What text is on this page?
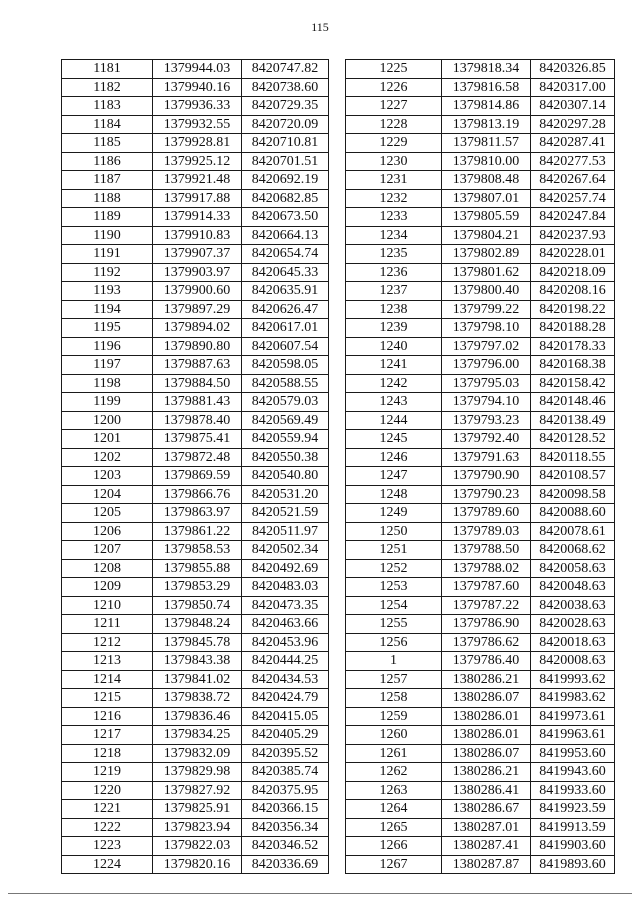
115
1181	1379944.03	8420747.82
1182	1379940.16	8420738.60
1183	1379936.33	8420729.35
1184	1379932.55	8420720.09
1185	1379928.81	8420710.81
1186	1379925.12	8420701.51
1187	1379921.48	8420692.19
1188	1379917.88	8420682.85
1189	1379914.33	8420673.50
1190	1379910.83	8420664.13
1191	1379907.37	8420654.74
1192	1379903.97	8420645.33
1193	1379900.60	8420635.91
1194	1379897.29	8420626.47
1195	1379894.02	8420617.01
1196	1379890.80	8420607.54
1197	1379887.63	8420598.05
1198	1379884.50	8420588.55
1199	1379881.43	8420579.03
1200	1379878.40	8420569.49
1201	1379875.41	8420559.94
1202	1379872.48	8420550.38
1203	1379869.59	8420540.80
1204	1379866.76	8420531.20
1205	1379863.97	8420521.59
1206	1379861.22	8420511.97
1207	1379858.53	8420502.34
1208	1379855.88	8420492.69
1209	1379853.29	8420483.03
1210	1379850.74	8420473.35
1211	1379848.24	8420463.66
1212	1379845.78	8420453.96
1213	1379843.38	8420444.25
1214	1379841.02	8420434.53
1215	1379838.72	8420424.79
1216	1379836.46	8420415.05
1217	1379834.25	8420405.29
1218	1379832.09	8420395.52
1219	1379829.98	8420385.74
1220	1379827.92	8420375.95
1221	1379825.91	8420366.15
1222	1379823.94	8420356.34
1223	1379822.03	8420346.52
1224	1379820.16	8420336.69
1225	1379818.34	8420326.85
1226	1379816.58	8420317.00
1227	1379814.86	8420307.14
1228	1379813.19	8420297.28
1229	1379811.57	8420287.41
1230	1379810.00	8420277.53
1231	1379808.48	8420267.64
1232	1379807.01	8420257.74
1233	1379805.59	8420247.84
1234	1379804.21	8420237.93
1235	1379802.89	8420228.01
1236	1379801.62	8420218.09
1237	1379800.40	8420208.16
1238	1379799.22	8420198.22
1239	1379798.10	8420188.28
1240	1379797.02	8420178.33
1241	1379796.00	8420168.38
1242	1379795.03	8420158.42
1243	1379794.10	8420148.46
1244	1379793.23	8420138.49
1245	1379792.40	8420128.52
1246	1379791.63	8420118.55
1247	1379790.90	8420108.57
1248	1379790.23	8420098.58
1249	1379789.60	8420088.60
1250	1379789.03	8420078.61
1251	1379788.50	8420068.62
1252	1379788.02	8420058.63
1253	1379787.60	8420048.63
1254	1379787.22	8420038.63
1255	1379786.90	8420028.63
1256	1379786.62	8420018.63
1	1379786.40	8420008.63
1257	1380286.21	8419993.62
1258	1380286.07	8419983.62
1259	1380286.01	8419973.61
1260	1380286.01	8419963.61
1261	1380286.07	8419953.60
1262	1380286.21	8419943.60
1263	1380286.41	8419933.60
1264	1380286.67	8419923.59
1265	1380287.01	8419913.59
1266	1380287.41	8419903.60
1267	1380287.87	8419893.60
